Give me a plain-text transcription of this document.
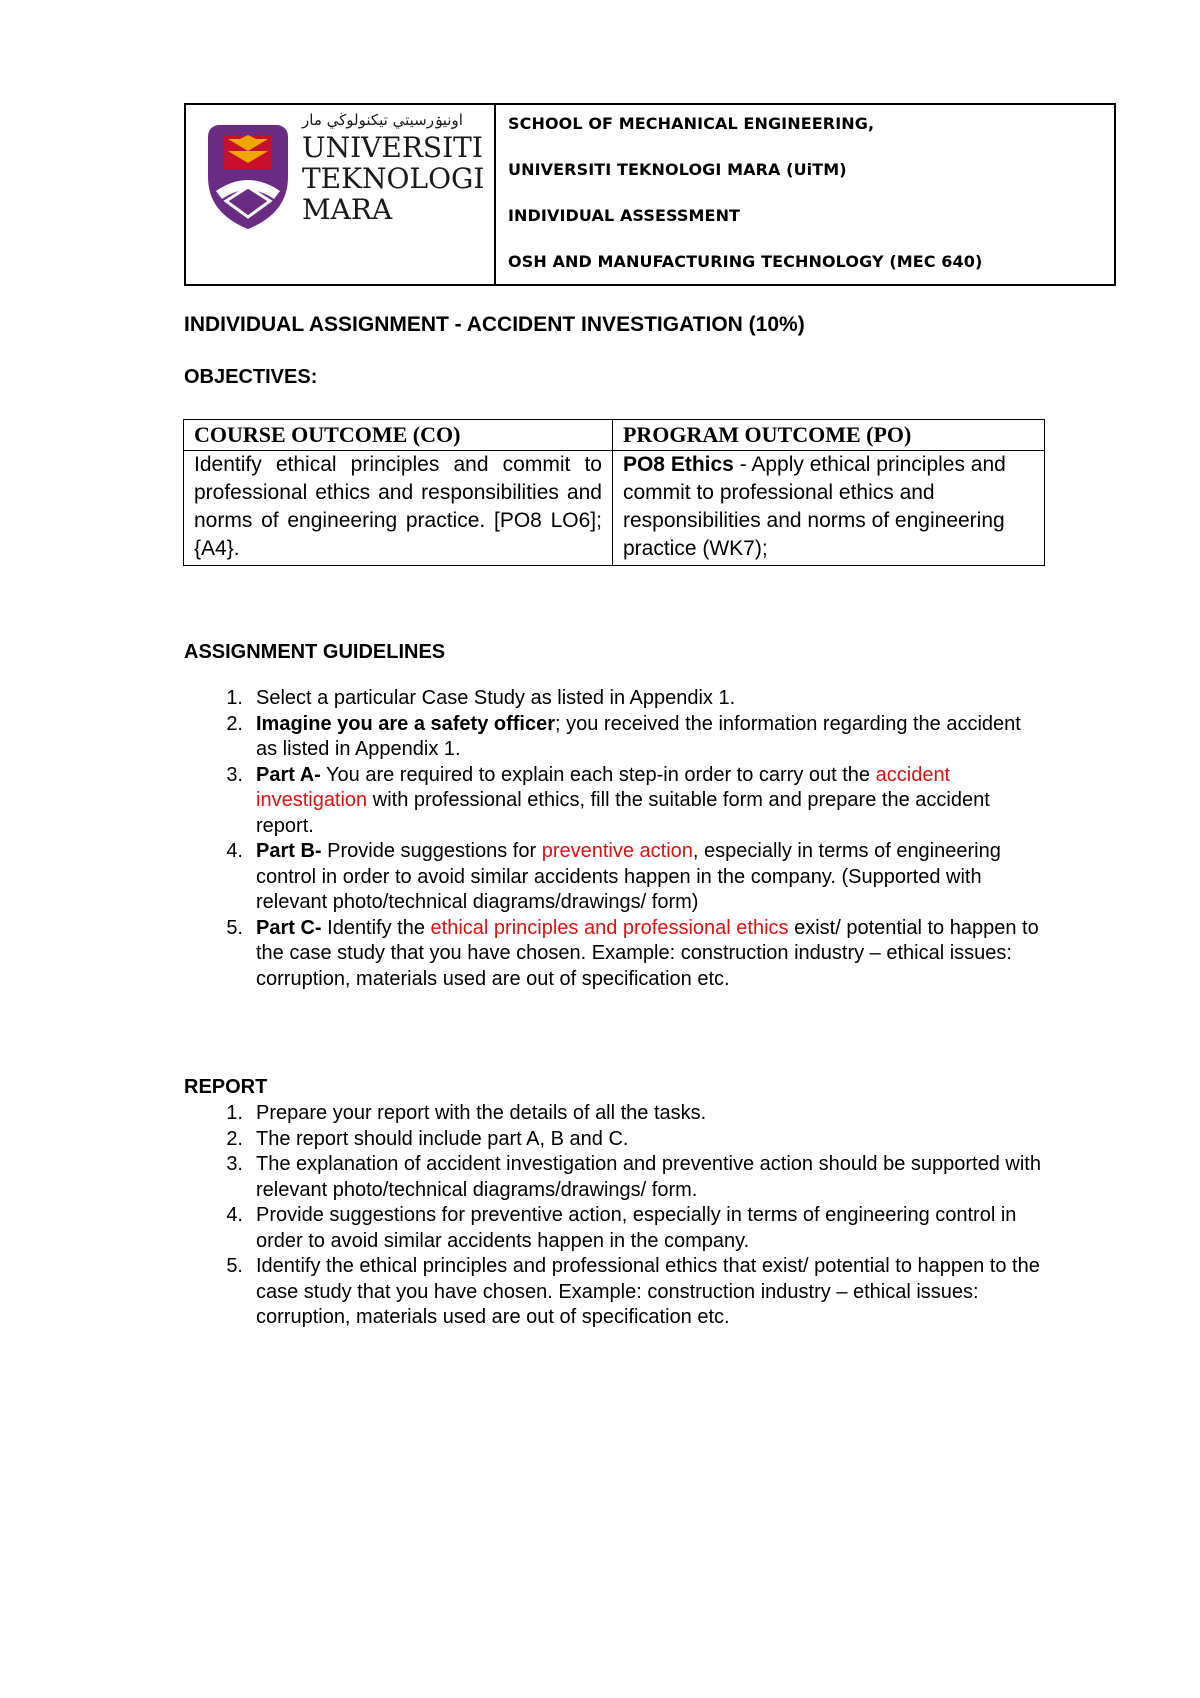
اونيۏرسيتي تيكنولوڬي مار
UNIVERSITI
TEKNOLOGI
MARA
SCHOOL OF MECHANICAL ENGINEERING,
UNIVERSITI TEKNOLOGI MARA (UiTM)
INDIVIDUAL ASSESSMENT
OSH AND MANUFACTURING TECHNOLOGY (MEC 640)
INDIVIDUAL ASSIGNMENT - ACCIDENT INVESTIGATION (10%)
OBJECTIVES:
COURSE OUTCOME (CO)	PROGRAM OUTCOME (PO)
Identify ethical principles and commit to professional ethics and responsibilities and norms of engineering practice. [PO8 LO6];{A4}.	PO8 Ethics - Apply ethical principles and commit to professional ethics and responsibilities and norms of engineering practice (WK7);
ASSIGNMENT GUIDELINES
1. Select a particular Case Study as listed in Appendix 1.
2. Imagine you are a safety officer; you received the information regarding the accident as listed in Appendix 1.
3. Part A- You are required to explain each step-in order to carry out the accident investigation with professional ethics, fill the suitable form and prepare the accident report.
4. Part B- Provide suggestions for preventive action, especially in terms of engineering control in order to avoid similar accidents happen in the company. (Supported with relevant photo/technical diagrams/drawings/ form)
5. Part C- Identify the ethical principles and professional ethics exist/ potential to happen to the case study that you have chosen. Example: construction industry – ethical issues: corruption, materials used are out of specification etc.
REPORT
1. Prepare your report with the details of all the tasks.
2. The report should include part A, B and C.
3. The explanation of accident investigation and preventive action should be supported with relevant photo/technical diagrams/drawings/ form.
4. Provide suggestions for preventive action, especially in terms of engineering control in order to avoid similar accidents happen in the company.
5. Identify the ethical principles and professional ethics that exist/ potential to happen to the case study that you have chosen. Example: construction industry – ethical issues: corruption, materials used are out of specification etc.
